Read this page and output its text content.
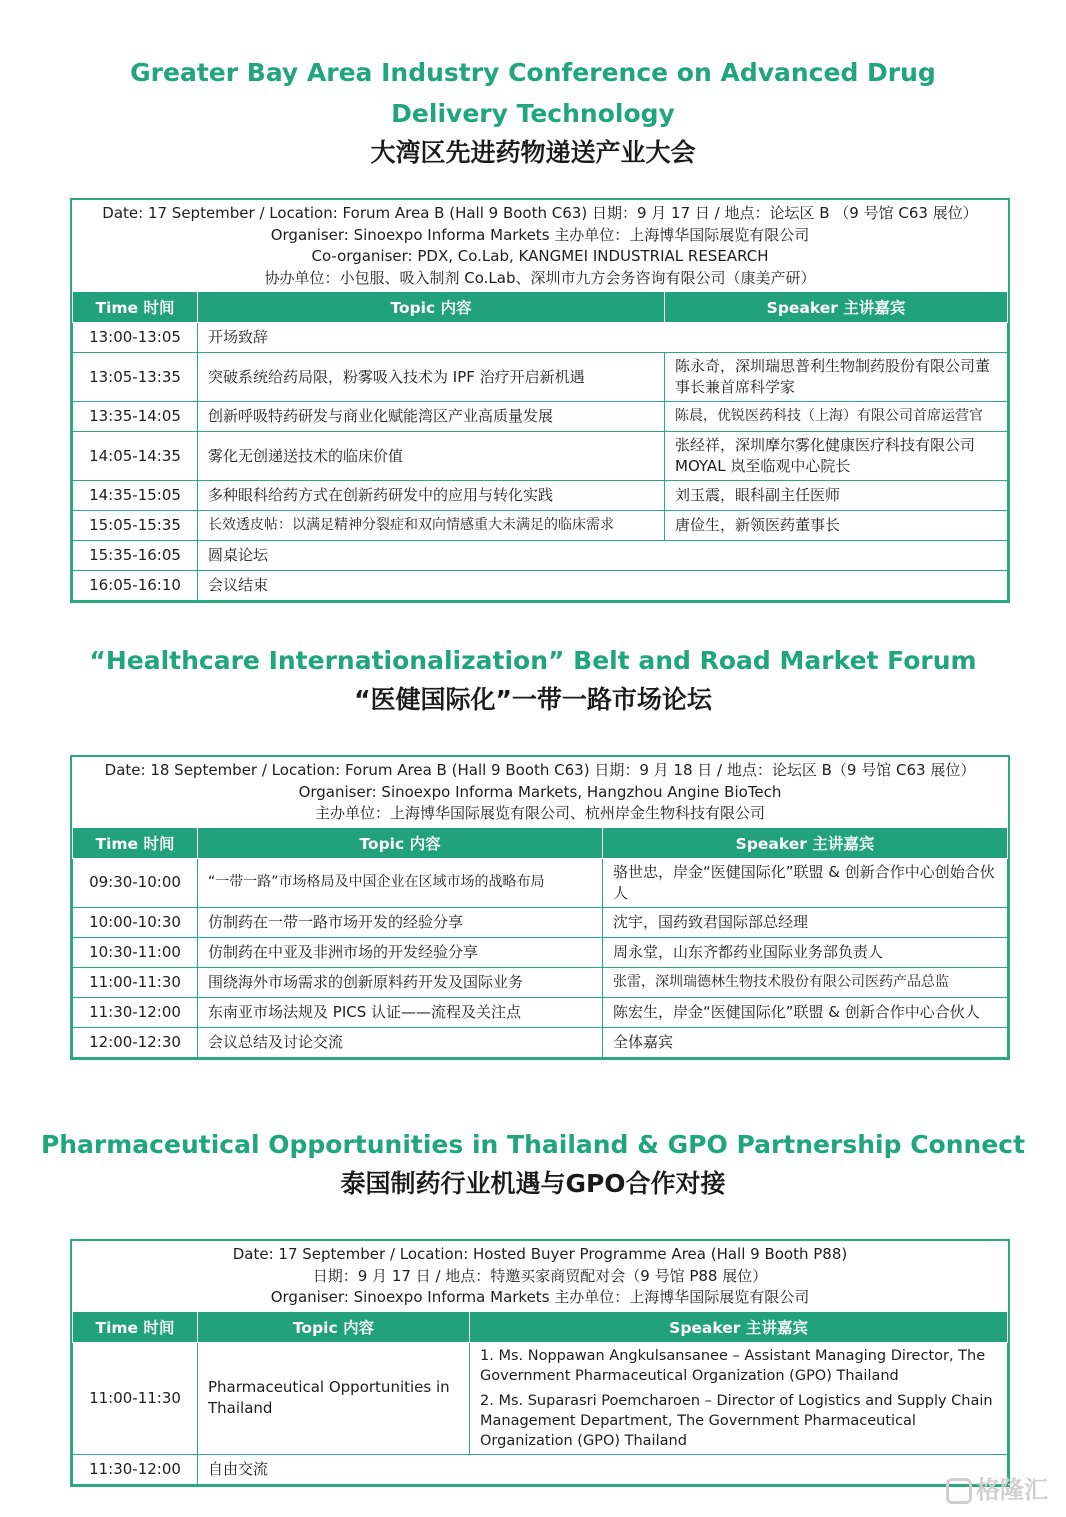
Greater Bay Area Industry Conference on Advanced Drug Delivery Technology
大湾区先进药物递送产业大会
Date: 17 September / Location: Forum Area B (Hall 9 Booth C63) 日期：9 月 17 日 / 地点：论坛区 B （9 号馆 C63 展位）
Organiser: Sinoexpo Informa Markets 主办单位：上海博华国际展览有限公司
Co-organiser: PDX, Co.Lab, KANGMEI INDUSTRIAL RESEARCH
协办单位：小包服、吸入制剂 Co.Lab、深圳市九方会务咨询有限公司（康美产研）
Time 时间	Topic 内容	Speaker 主讲嘉宾
13:00-13:05	开场致辞	
13:05-13:35	突破系统给药局限，粉雾吸入技术为 IPF 治疗开启新机遇	陈永奇，深圳瑞思普利生物制药股份有限公司董事长兼首席科学家
13:35-14:05	创新呼吸特药研发与商业化赋能湾区产业高质量发展	陈晨，优锐医药科技（上海）有限公司首席运营官
14:05-14:35	雾化无创递送技术的临床价值	张经祥，深圳摩尔雾化健康医疗科技有限公司 MOYAL 岚至临观中心院长
14:35-15:05	多种眼科给药方式在创新药研发中的应用与转化实践	刘玉震，眼科副主任医师
15:05-15:35	长效透皮帖：以满足精神分裂症和双向情感重大未满足的临床需求	唐俭生，新领医药董事长
15:35-16:05	圆桌论坛	
16:05-16:10	会议结束	
“Healthcare Internationalization” Belt and Road Market Forum
“医健国际化”一带一路市场论坛
Date: 18 September / Location: Forum Area B (Hall 9 Booth C63) 日期：9 月 18 日 / 地点：论坛区 B（9 号馆 C63 展位）
Organiser: Sinoexpo Informa Markets, Hangzhou Angine BioTech
主办单位：上海博华国际展览有限公司、杭州岸金生物科技有限公司
Time 时间	Topic 内容	Speaker 主讲嘉宾
09:30-10:00	“一带一路”市场格局及中国企业在区域市场的战略布局	骆世忠，岸金“医健国际化”联盟 & 创新合作中心创始合伙人
10:00-10:30	仿制药在一带一路市场开发的经验分享	沈宇，国药致君国际部总经理
10:30-11:00	仿制药在中亚及非洲市场的开发经验分享	周永堂，山东齐都药业国际业务部负责人
11:00-11:30	围绕海外市场需求的创新原料药开发及国际业务	张雷，深圳瑞德林生物技术股份有限公司医药产品总监
11:30-12:00	东南亚市场法规及 PICS 认证——流程及关注点	陈宏生，岸金“医健国际化”联盟 & 创新合作中心合伙人
12:00-12:30	会议总结及讨论交流	全体嘉宾
Pharmaceutical Opportunities in Thailand & GPO Partnership Connect
泰国制药行业机遇与GPO合作对接
Date: 17 September / Location: Hosted Buyer Programme Area (Hall 9 Booth P88)
日期：9 月 17 日 / 地点：特邀买家商贸配对会（9 号馆 P88 展位）
Organiser: Sinoexpo Informa Markets 主办单位：上海博华国际展览有限公司
Time 时间	Topic 内容	Speaker 主讲嘉宾
11:00-11:30	Pharmaceutical Opportunities in Thailand	1. Ms. Noppawan Angkulsansanee – Assistant Managing Director, The Government Pharmaceutical Organization (GPO) Thailand

2. Ms. Suparasri Poemcharoen – Director of Logistics and Supply Chain Management Department, The Government Pharmaceutical Organization (GPO) Thailand

11:30-12:00	自由交流	
格隆汇
